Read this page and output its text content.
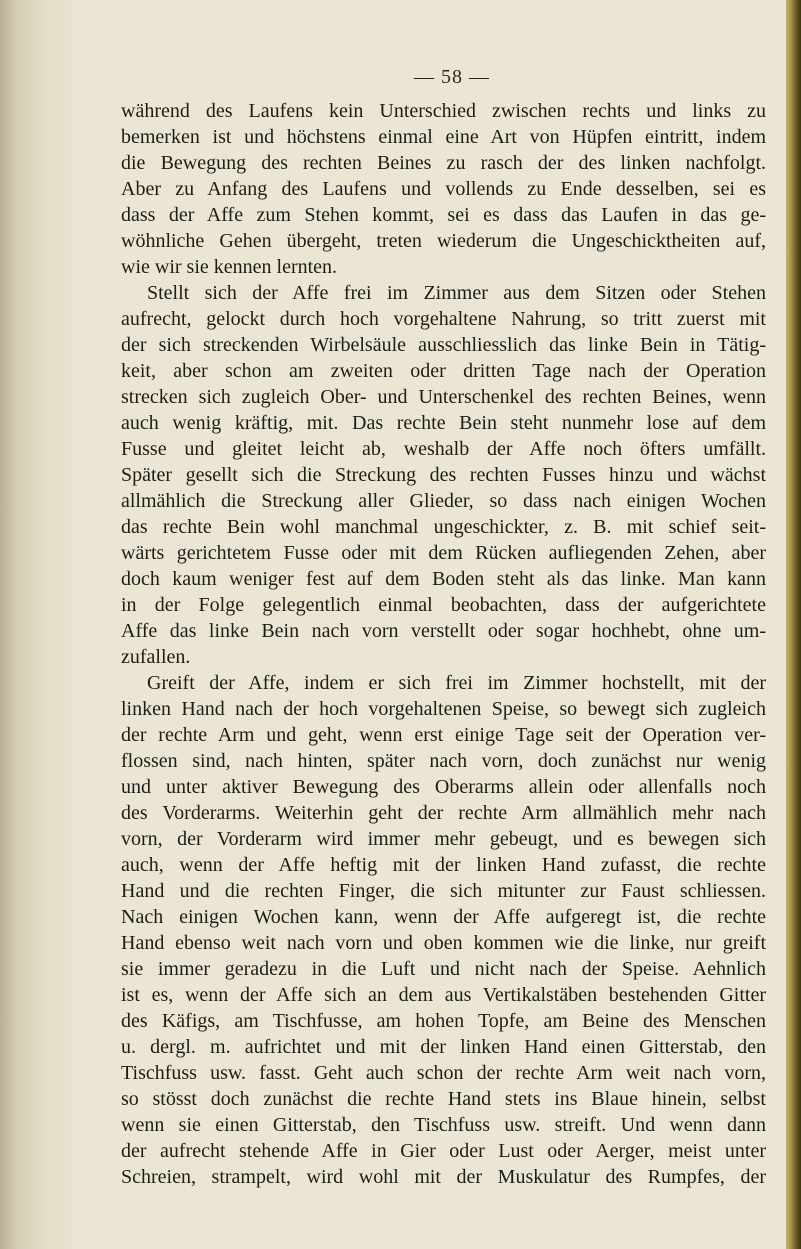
— 58 —

während des Laufens kein Unterschied zwischen rechts und links zu
bemerken ist und höchstens einmal eine Art von Hüpfen eintritt, indem
die Bewegung des rechten Beines zu rasch der des linken nachfolgt.
Aber zu Anfang des Laufens und vollends zu Ende desselben, sei es
dass der Affe zum Stehen kommt, sei es dass das Laufen in das ge-
wöhnliche Gehen übergeht, treten wiederum die Ungeschicktheiten auf,
wie wir sie kennen lernten.
Stellt sich der Affe frei im Zimmer aus dem Sitzen oder Stehen
aufrecht, gelockt durch hoch vorgehaltene Nahrung, so tritt zuerst mit
der sich streckenden Wirbelsäule ausschliesslich das linke Bein in Tätig-
keit, aber schon am zweiten oder dritten Tage nach der Operation
strecken sich zugleich Ober- und Unterschenkel des rechten Beines, wenn
auch wenig kräftig, mit. Das rechte Bein steht nunmehr lose auf dem
Fusse und gleitet leicht ab, weshalb der Affe noch öfters umfällt.
Später gesellt sich die Streckung des rechten Fusses hinzu und wächst
allmählich die Streckung aller Glieder, so dass nach einigen Wochen
das rechte Bein wohl manchmal ungeschickter, z. B. mit schief seit-
wärts gerichtetem Fusse oder mit dem Rücken aufliegenden Zehen, aber
doch kaum weniger fest auf dem Boden steht als das linke. Man kann
in der Folge gelegentlich einmal beobachten, dass der aufgerichtete
Affe das linke Bein nach vorn verstellt oder sogar hochhebt, ohne um-
zufallen.
Greift der Affe, indem er sich frei im Zimmer hochstellt, mit der
linken Hand nach der hoch vorgehaltenen Speise, so bewegt sich zugleich
der rechte Arm und geht, wenn erst einige Tage seit der Operation ver-
flossen sind, nach hinten, später nach vorn, doch zunächst nur wenig
und unter aktiver Bewegung des Oberarms allein oder allenfalls noch
des Vorderarms. Weiterhin geht der rechte Arm allmählich mehr nach
vorn, der Vorderarm wird immer mehr gebeugt, und es bewegen sich
auch, wenn der Affe heftig mit der linken Hand zufasst, die rechte
Hand und die rechten Finger, die sich mitunter zur Faust schliessen.
Nach einigen Wochen kann, wenn der Affe aufgeregt ist, die rechte
Hand ebenso weit nach vorn und oben kommen wie die linke, nur greift
sie immer geradezu in die Luft und nicht nach der Speise. Aehnlich
ist es, wenn der Affe sich an dem aus Vertikalstäben bestehenden Gitter
des Käfigs, am Tischfusse, am hohen Topfe, am Beine des Menschen
u. dergl. m. aufrichtet und mit der linken Hand einen Gitterstab, den
Tischfuss usw. fasst. Geht auch schon der rechte Arm weit nach vorn,
so stösst doch zunächst die rechte Hand stets ins Blaue hinein, selbst
wenn sie einen Gitterstab, den Tischfuss usw. streift. Und wenn dann
der aufrecht stehende Affe in Gier oder Lust oder Aerger, meist unter
Schreien, strampelt, wird wohl mit der Muskulatur des Rumpfes, der
